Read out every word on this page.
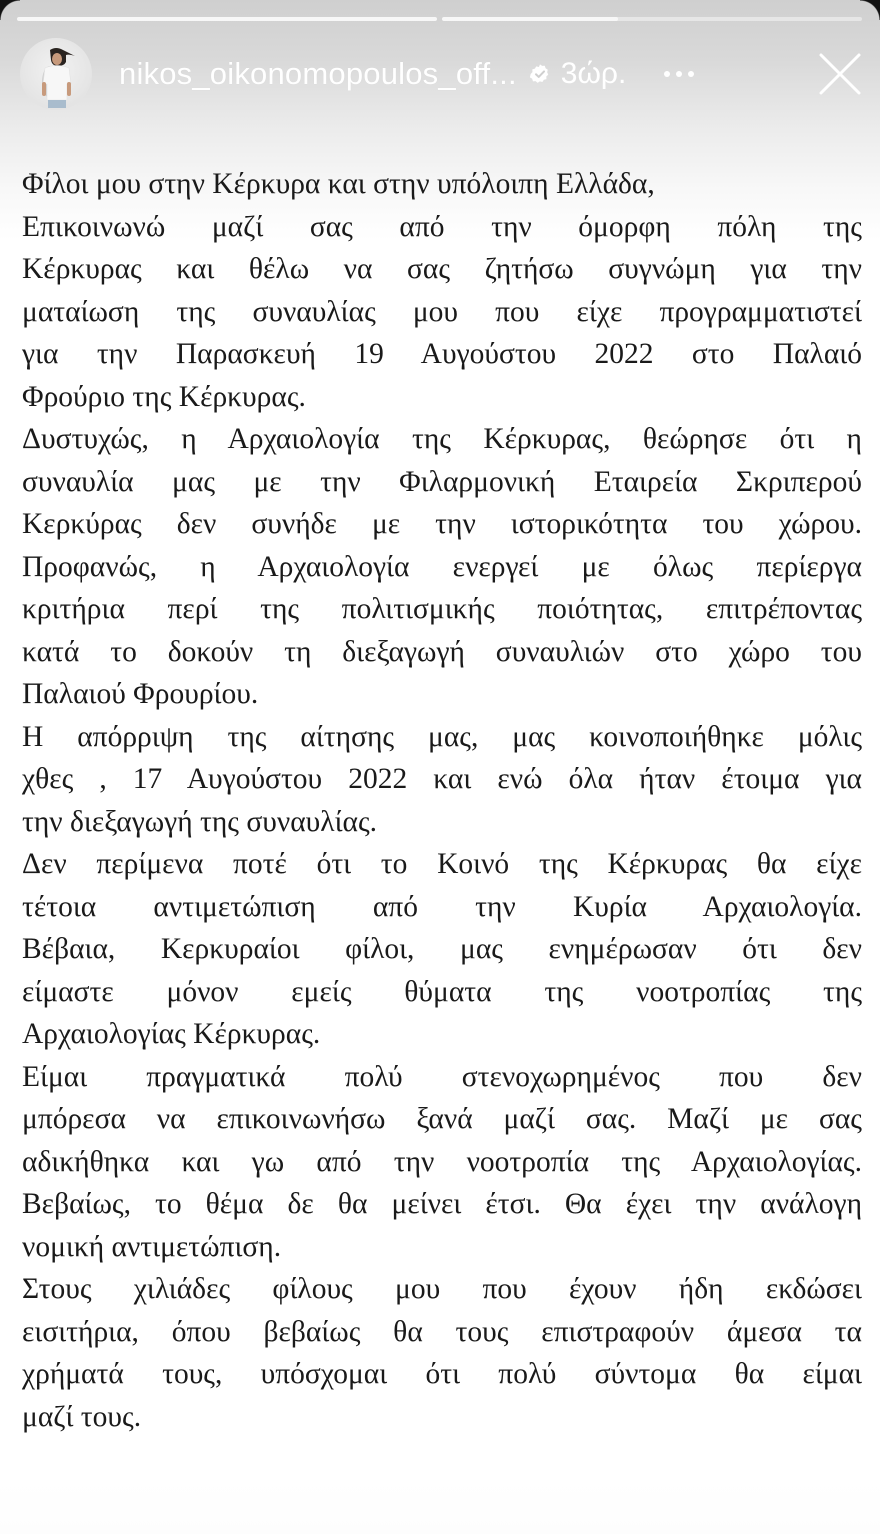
nikos_oikonomopoulos_off... 3ώρ.
Φίλοι μου στην Κέρκυρα και στην υπόλοιπη Ελλάδα,
Επικοινωνώ μαζί σας από την όμορφη πόλη της
Κέρκυρας και θέλω να σας ζητήσω συγνώμη για την
ματαίωση της συναυλίας μου που είχε προγραμματιστεί
για την Παρασκευή 19 Αυγούστου 2022 στο Παλαιό
Φρούριο της Κέρκυρας.
Δυστυχώς, η Αρχαιολογία της Κέρκυρας, θεώρησε ότι η
συναυλία μας με την Φιλαρμονική Εταιρεία Σκριπερού
Κερκύρας δεν συνήδε με την ιστορικότητα του χώρου.
Προφανώς, η Αρχαιολογία ενεργεί με όλως περίεργα
κριτήρια περί της πολιτισμικής ποιότητας, επιτρέποντας
κατά το δοκούν τη διεξαγωγή συναυλιών στο χώρο του
Παλαιού Φρουρίου.
Η απόρριψη της αίτησης μας, μας κοινοποιήθηκε μόλις
χθες , 17 Αυγούστου 2022 και ενώ όλα ήταν έτοιμα για
την διεξαγωγή της συναυλίας.
Δεν περίμενα ποτέ ότι το Κοινό της Κέρκυρας θα είχε
τέτοια αντιμετώπιση από την Κυρία Αρχαιολογία.
Βέβαια, Κερκυραίοι φίλοι, μας ενημέρωσαν ότι δεν
είμαστε μόνον εμείς θύματα της νοοτροπίας της
Αρχαιολογίας Κέρκυρας.
Είμαι πραγματικά πολύ στενοχωρημένος που δεν
μπόρεσα να επικοινωνήσω ξανά μαζί σας. Μαζί με σας
αδικήθηκα και γω από την νοοτροπία της Αρχαιολογίας.
Βεβαίως, το θέμα δε θα μείνει έτσι. Θα έχει την ανάλογη
νομική αντιμετώπιση.
Στους χιλιάδες φίλους μου που έχουν ήδη εκδώσει
εισιτήρια, όπου βεβαίως θα τους επιστραφούν άμεσα τα
χρήματά τους, υπόσχομαι ότι πολύ σύντομα θα είμαι
μαζί τους.
